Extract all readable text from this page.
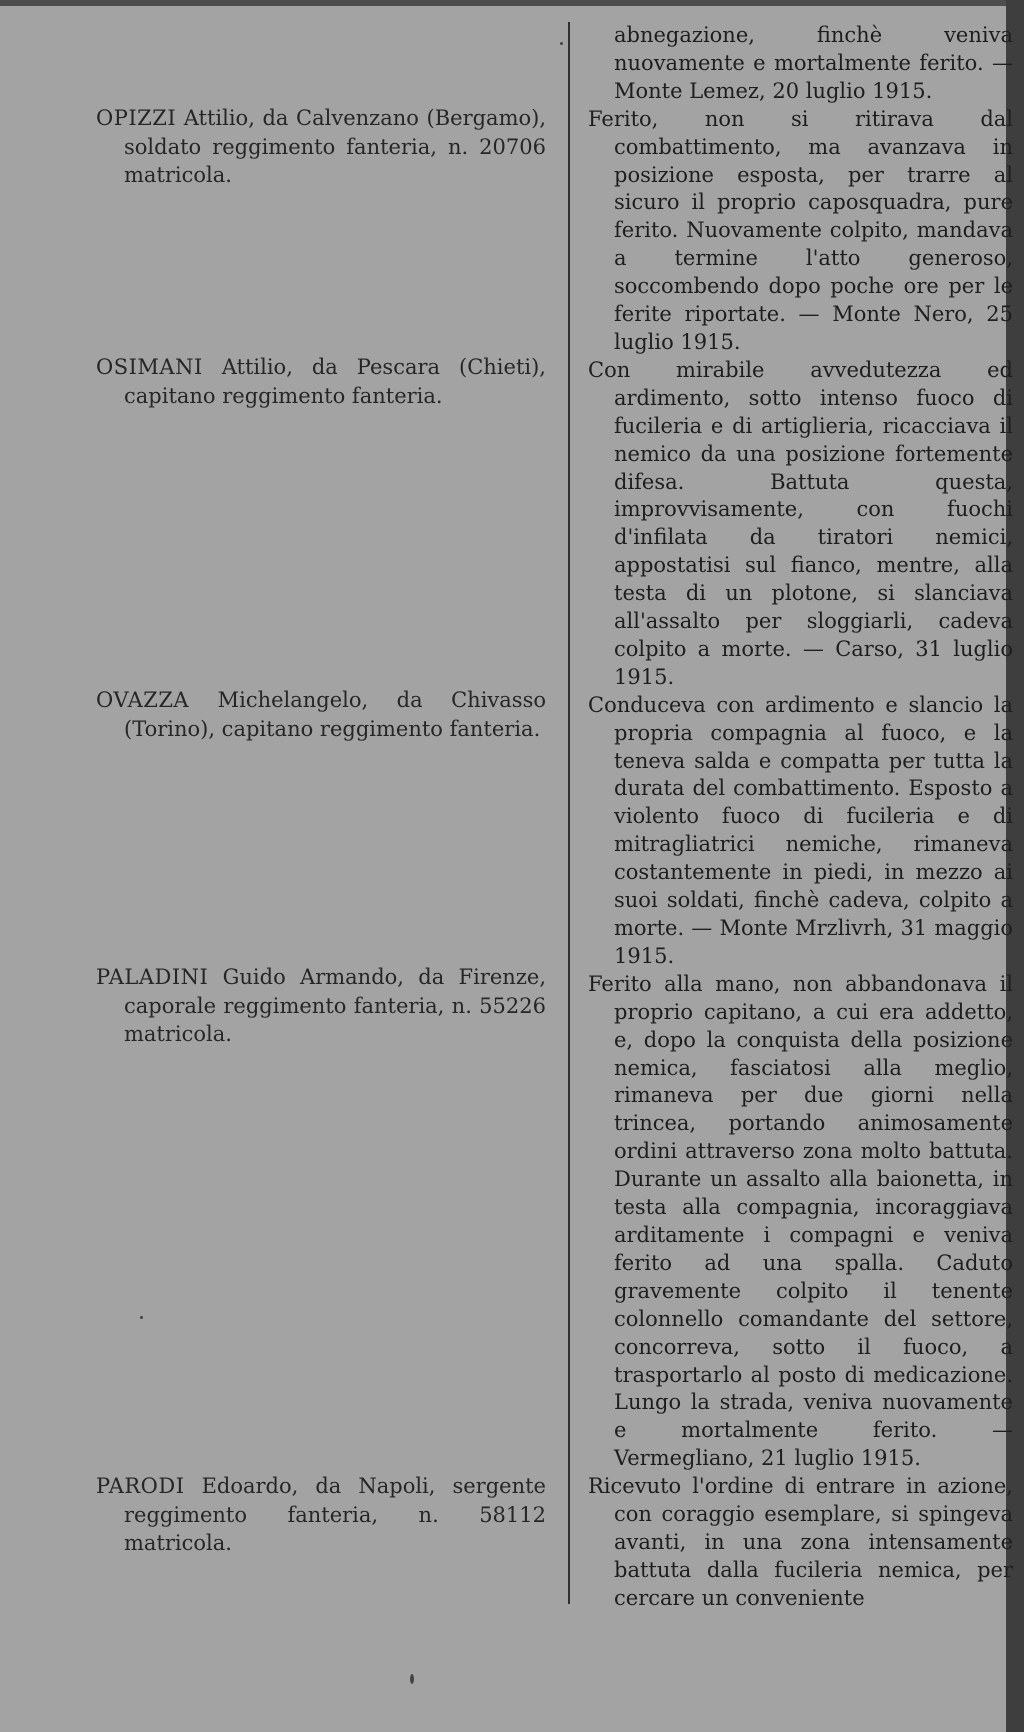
OPIZZI Attilio, da Calvenzano (Bergamo), soldato reggimento fanteria, n. 20706 matricola.
OSIMANI Attilio, da Pescara (Chieti), capitano reggimento fanteria.
OVAZZA Michelangelo, da Chivasso (Torino), capitano reggimento fanteria.
PALADINI Guido Armando, da Firenze, caporale reggimento fanteria, n. 55226 matricola.
PARODI Edoardo, da Napoli, sergente reggimento fanteria, n. 58112 matricola.

abnegazione, finchè veniva nuovamente e mortalmente ferito. — Monte Lemez, 20 luglio 1915.

Ferito, non si ritirava dal combattimento, ma avanzava in posizione esposta, per trarre al sicuro il proprio caposquadra, pure ferito. Nuovamente colpito, mandava a termine l'atto generoso, soccombendo dopo poche ore per le ferite riportate. — Monte Nero, 25 luglio 1915.

Con mirabile avvedutezza ed ardimento, sotto intenso fuoco di fucileria e di artiglieria, ricacciava il nemico da una posizione fortemente difesa. Battuta questa, improvvisamente, con fuochi d'infilata da tiratori nemici, appostatisi sul fianco, mentre, alla testa di un plotone, si slanciava all'assalto per sloggiarli, cadeva colpito a morte. — Carso, 31 luglio 1915.

Conduceva con ardimento e slancio la propria compagnia al fuoco, e la teneva salda e compatta per tutta la durata del combattimento. Esposto a violento fuoco di fucileria e di mitragliatrici nemiche, rimaneva costantemente in piedi, in mezzo ai suoi soldati, finchè cadeva, colpito a morte. — Monte Mrzlivrh, 31 maggio 1915.

Ferito alla mano, non abbandonava il proprio capitano, a cui era addetto, e, dopo la conquista della posizione nemica, fasciatosi alla meglio, rimaneva per due giorni nella trincea, portando animosamente ordini attraverso zona molto battuta. Durante un assalto alla baionetta, in testa alla compagnia, incoraggiava arditamente i compagni e veniva ferito ad una spalla. Caduto gravemente colpito il tenente colonnello comandante del settore, concorreva, sotto il fuoco, a trasportarlo al posto di medicazione. Lungo la strada, veniva nuovamente e mortalmente ferito. — Vermegliano, 21 luglio 1915.

Ricevuto l'ordine di entrare in azione, con coraggio esemplare, si spingeva avanti, in una zona intensamente battuta dalla fucileria nemica, per cercare un conveniente
